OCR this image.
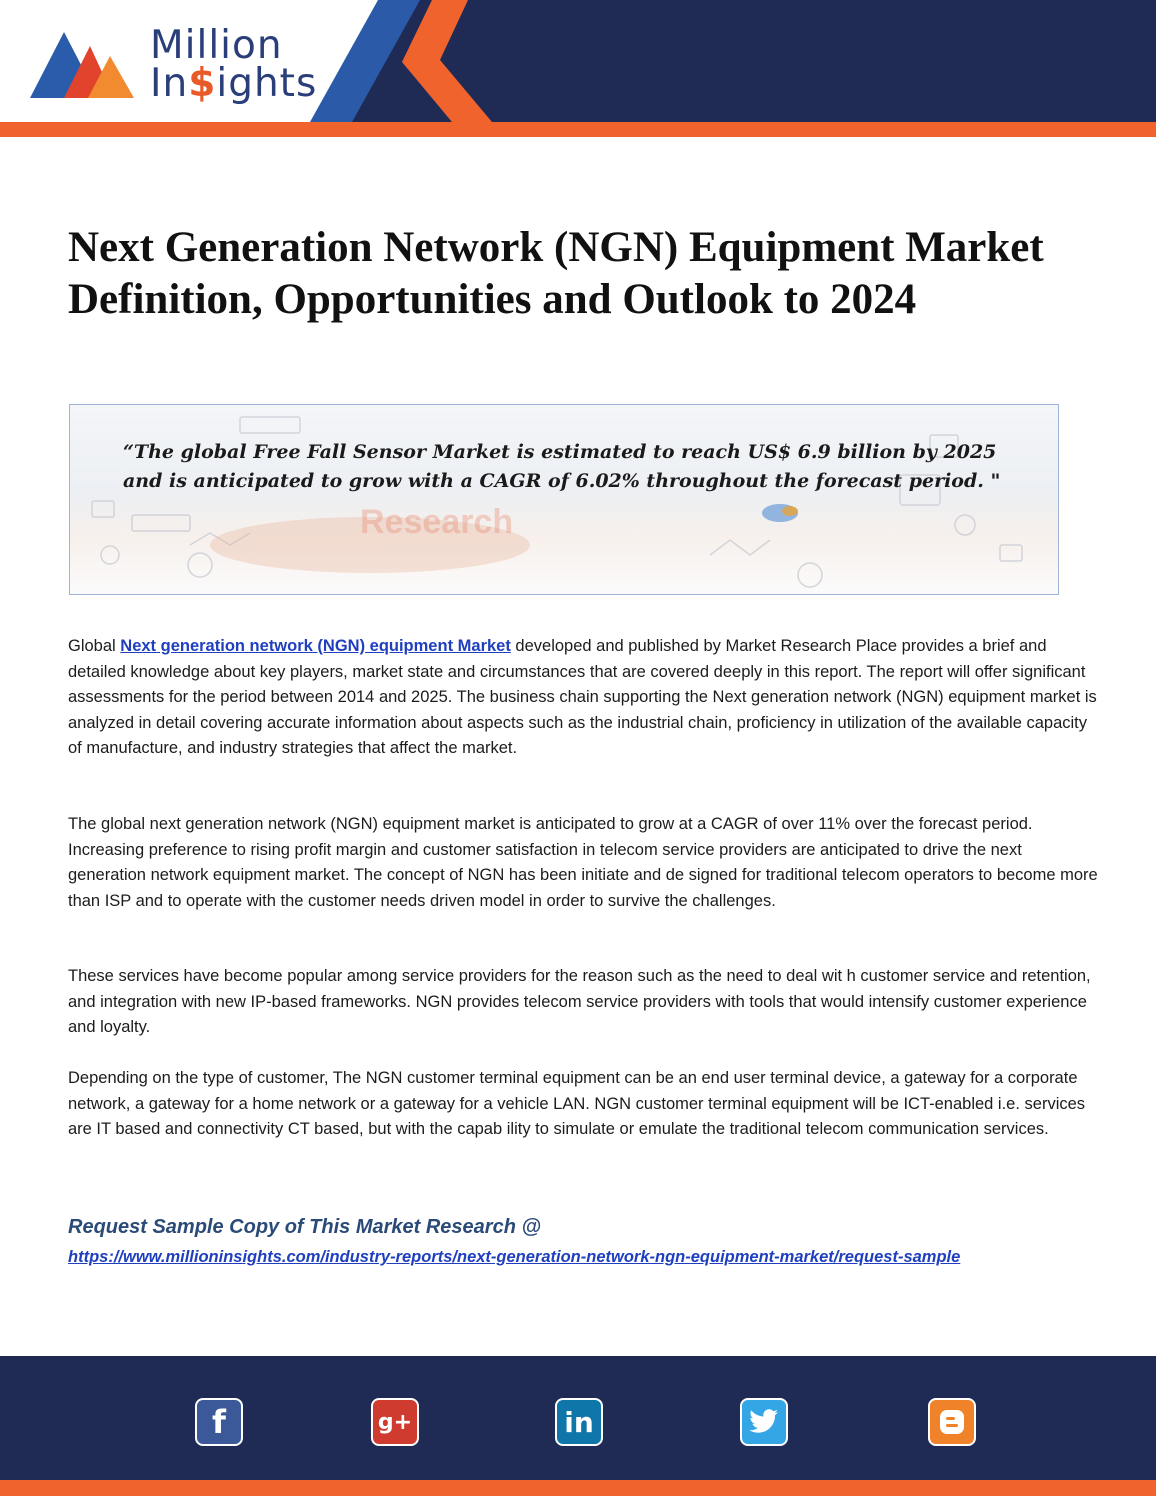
Million
In$ights
Next Generation Network (NGN) Equipment Market Definition, Opportunities and Outlook to 2024
Research

“The global Free Fall Sensor Market is estimated to reach US$ 6.9 billion by 2025 and is anticipated to grow with a CAGR of 6.02% throughout the forecast period. "

Global Next generation network (NGN) equipment Market developed and published by Market Research Place provides a brief and detailed knowledge about key players, market state and circumstances that are covered deeply in this report. The report will offer significant assessments for the period between 2014 and 2025. The business chain supporting the Next generation network (NGN) equipment market is analyzed in detail covering accurate information about aspects such as the industrial chain, proficiency in utilization of the available capacity of manufacture, and industry strategies that affect the market.

The global next generation network (NGN) equipment market is anticipated to grow at a CAGR of over 11% over the forecast period. Increasing preference to rising profit margin and customer satisfaction in telecom service providers are anticipated to drive the next generation network equipment market. The concept of NGN has been initiate and de signed for traditional telecom operators to become more than ISP and to operate with the customer needs driven model in order to survive the challenges.

These services have become popular among service providers for the reason such as the need to deal wit h customer service and retention, and integration with new IP-based frameworks. NGN provides telecom service providers with tools that would intensify customer experience and loyalty.

Depending on the type of customer, The NGN customer terminal equipment can be an end user terminal device, a gateway for a corporate network, a gateway for a home network or a gateway for a vehicle LAN. NGN customer terminal equipment will be ICT-enabled i.e. services are IT based and connectivity CT based, but with the capab ility to simulate or emulate the traditional telecom communication services.

Request Sample Copy of This Market Research @

https://www.millioninsights.com/industry-reports/next-generation-network-ngn-equipment-market/request-sample
f	g+	in
